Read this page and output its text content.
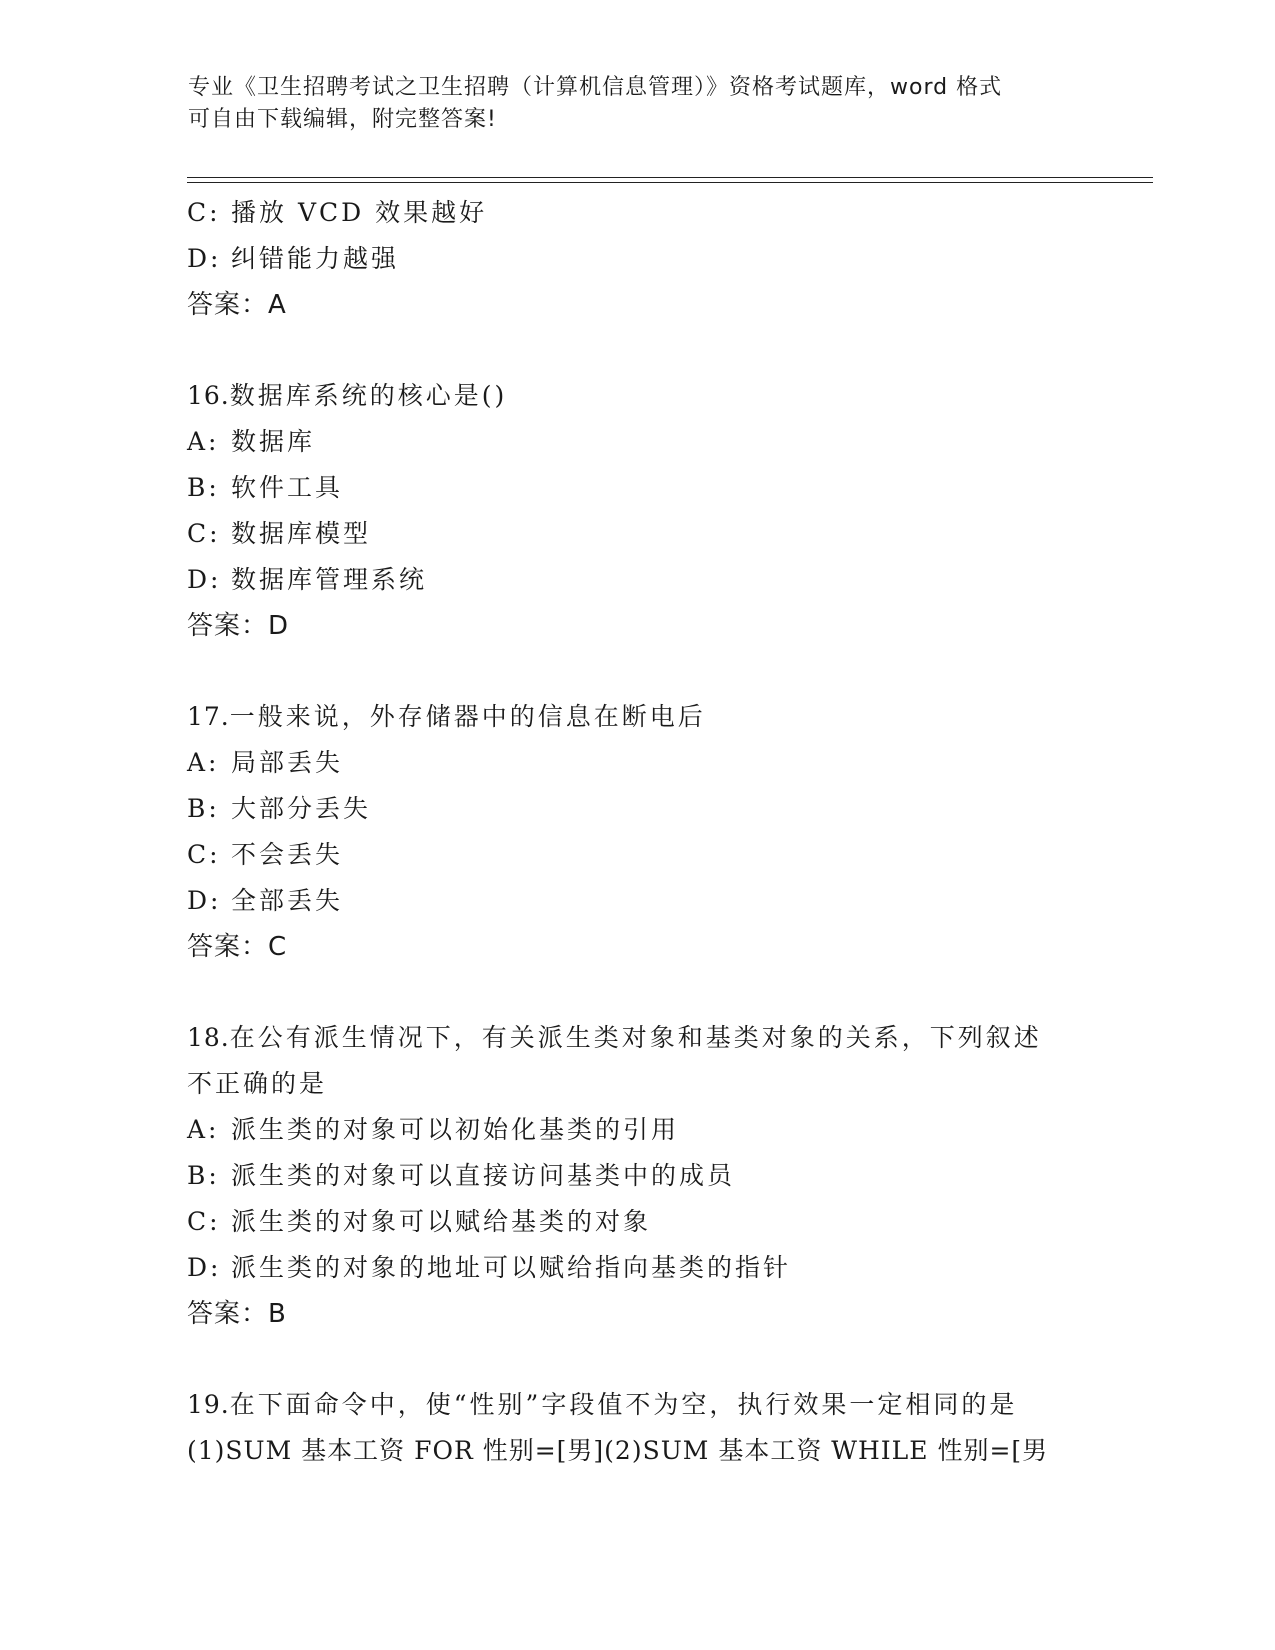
专业《卫生招聘考试之卫生招聘（计算机信息管理）》资格考试题库，word 格式
可自由下载编辑，附完整答案!
C: 播放 VCD 效果越好
D: 纠错能力越强
答案：A
16.数据库系统的核心是()
A: 数据库
B: 软件工具
C: 数据库模型
D: 数据库管理系统
答案：D
17.一般来说，外存储器中的信息在断电后
A: 局部丢失
B: 大部分丢失
C: 不会丢失
D: 全部丢失
答案：C
18.在公有派生情况下，有关派生类对象和基类对象的关系，下列叙述
不正确的是
A: 派生类的对象可以初始化基类的引用
B: 派生类的对象可以直接访问基类中的成员
C: 派生类的对象可以赋给基类的对象
D: 派生类的对象的地址可以赋给指向基类的指针
答案：B
19.在下面命令中，使“性别”字段值不为空，执行效果一定相同的是
(1)SUM 基本工资 FOR 性别=[男](2)SUM 基本工资 WHILE 性别=[男
